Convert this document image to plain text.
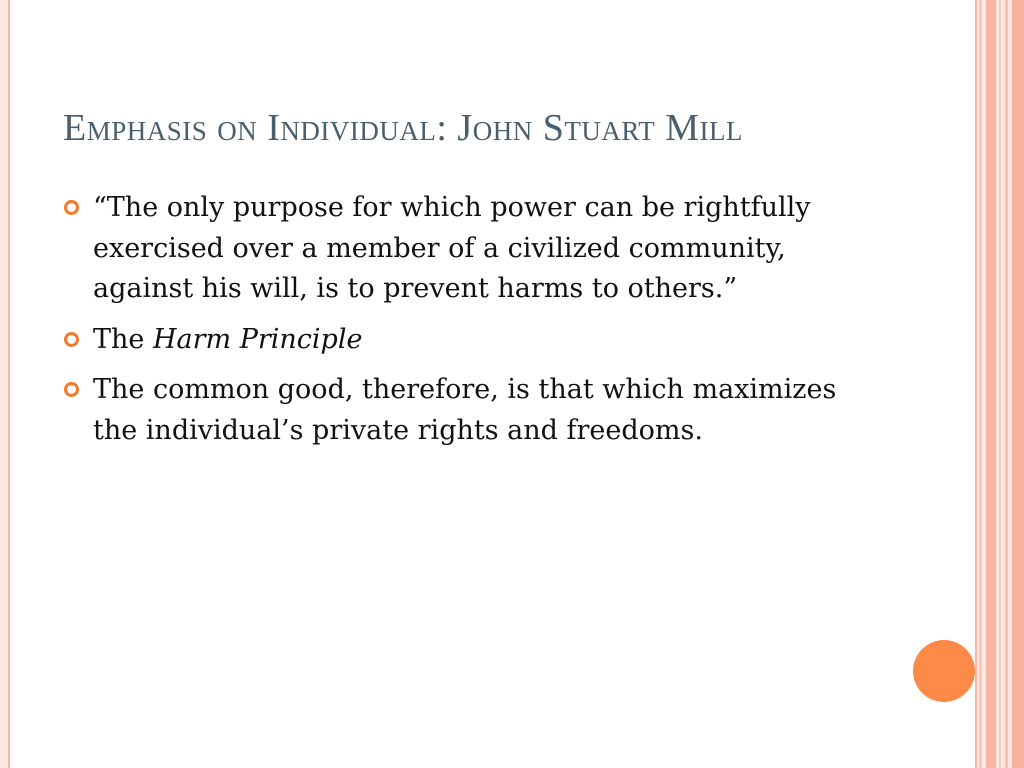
Emphasis on Individual: John Stuart Mill
“The only purpose for which power can be rightfully exercised over a member of a civilized community, against his will, is to prevent harms to others.”
The Harm Principle
The common good, therefore, is that which maximizes the individual’s private rights and freedoms.
